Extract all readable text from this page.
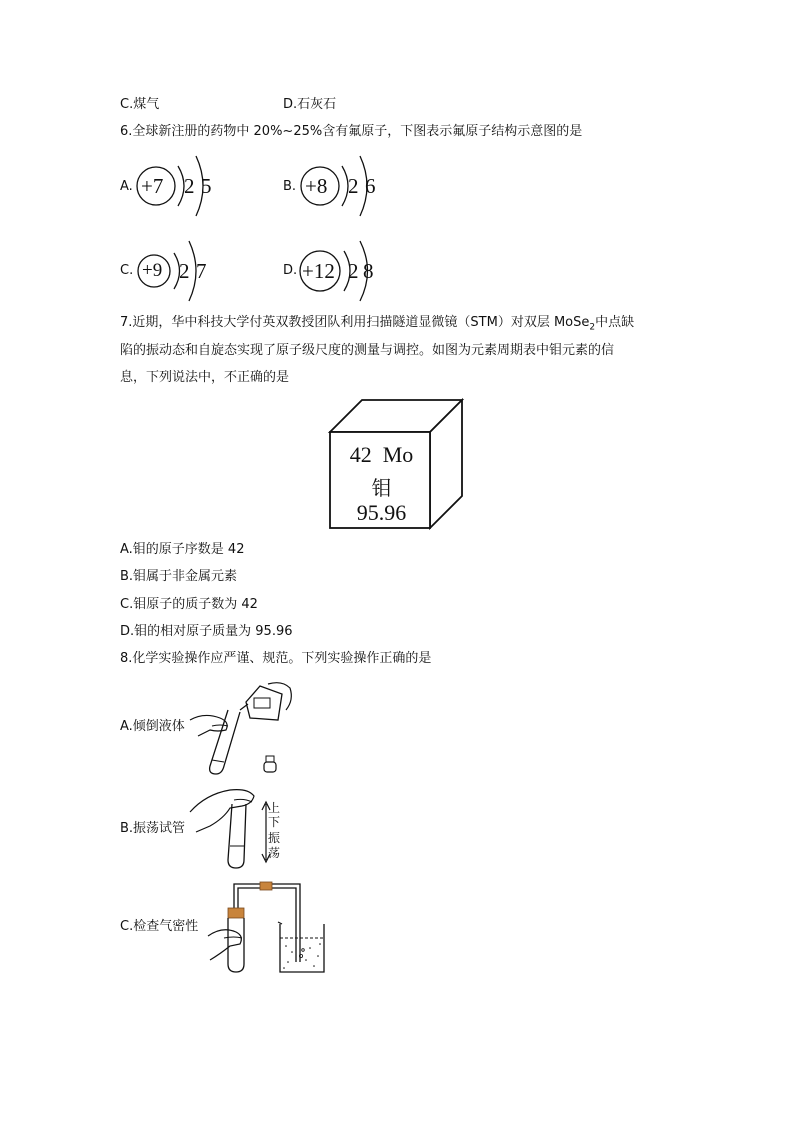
C.煤气	D.石灰石
6.全球新注册的药物中 20%~25%含有氟原子，下图表示氟原子结构示意图的是
A. +7 2 5	B. +8 2 6
C. +9 2 7	D. +12 2 8
7.近期，华中科技大学付英双教授团队利用扫描隧道显微镜（STM）对双层 MoSe$_2$中点缺
陷的振动态和自旋态实现了原子级尺度的测量与调控。如图为元素周期表中钼元素的信
息，下列说法中，不正确的是
42 Mo
钼
95.96
A.钼的原子序数是 42
B.钼属于非金属元素
C.钼原子的质子数为 42
D.钼的相对原子质量为 95.96
8.化学实验操作应严谨、规范。下列实验操作正确的是
A.倾倒液体
B.振荡试管
上
下
振
荡
C.检查气密性
